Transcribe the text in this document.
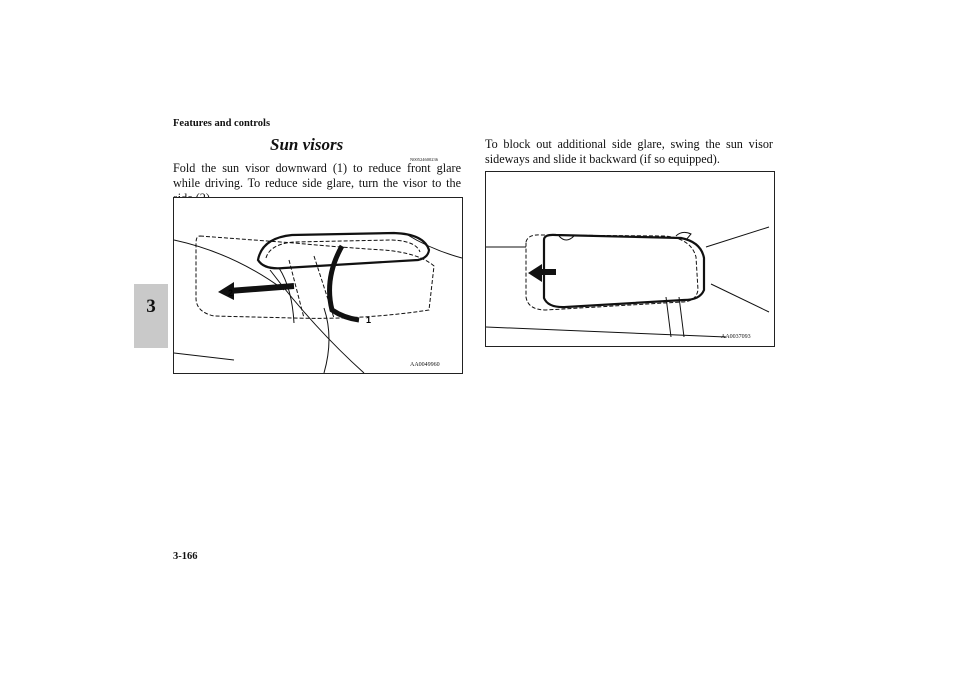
Features and controls
3
Sun visors
N00524600236
Fold the sun visor downward (1) to reduce front glare while driving. To reduce side glare, turn the visor to the
To block out additional side glare, swing the sun visor sideways and slide it backward (if so equipped).
2
1
AA0049960
AA0037093
3-166
